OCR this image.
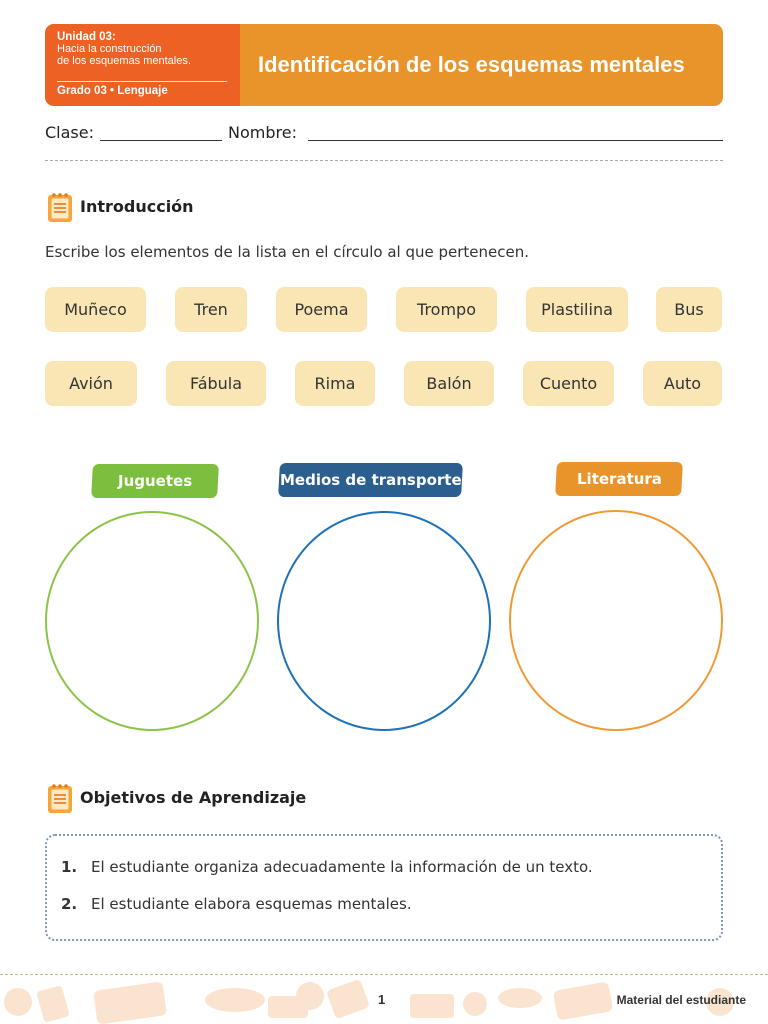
Unidad 03:
Hacia la construcción
de los esquemas mentales.
Grado 03 • Lenguaje
Identificación de los esquemas mentales
Clase:	Nombre:
Introducción
Escribe los elementos de la lista en el círculo al que pertenecen.
Muñeco	Tren	Poema	Trompo	Plastilina	Bus
Avión	Fábula	Rima	Balón	Cuento	Auto
Juguetes	Medios de transporte	Literatura
Objetivos de Aprendizaje
1. El estudiante organiza adecuadamente la información de un texto.
2. El estudiante elabora esquemas mentales.
1	Material del estudiante
